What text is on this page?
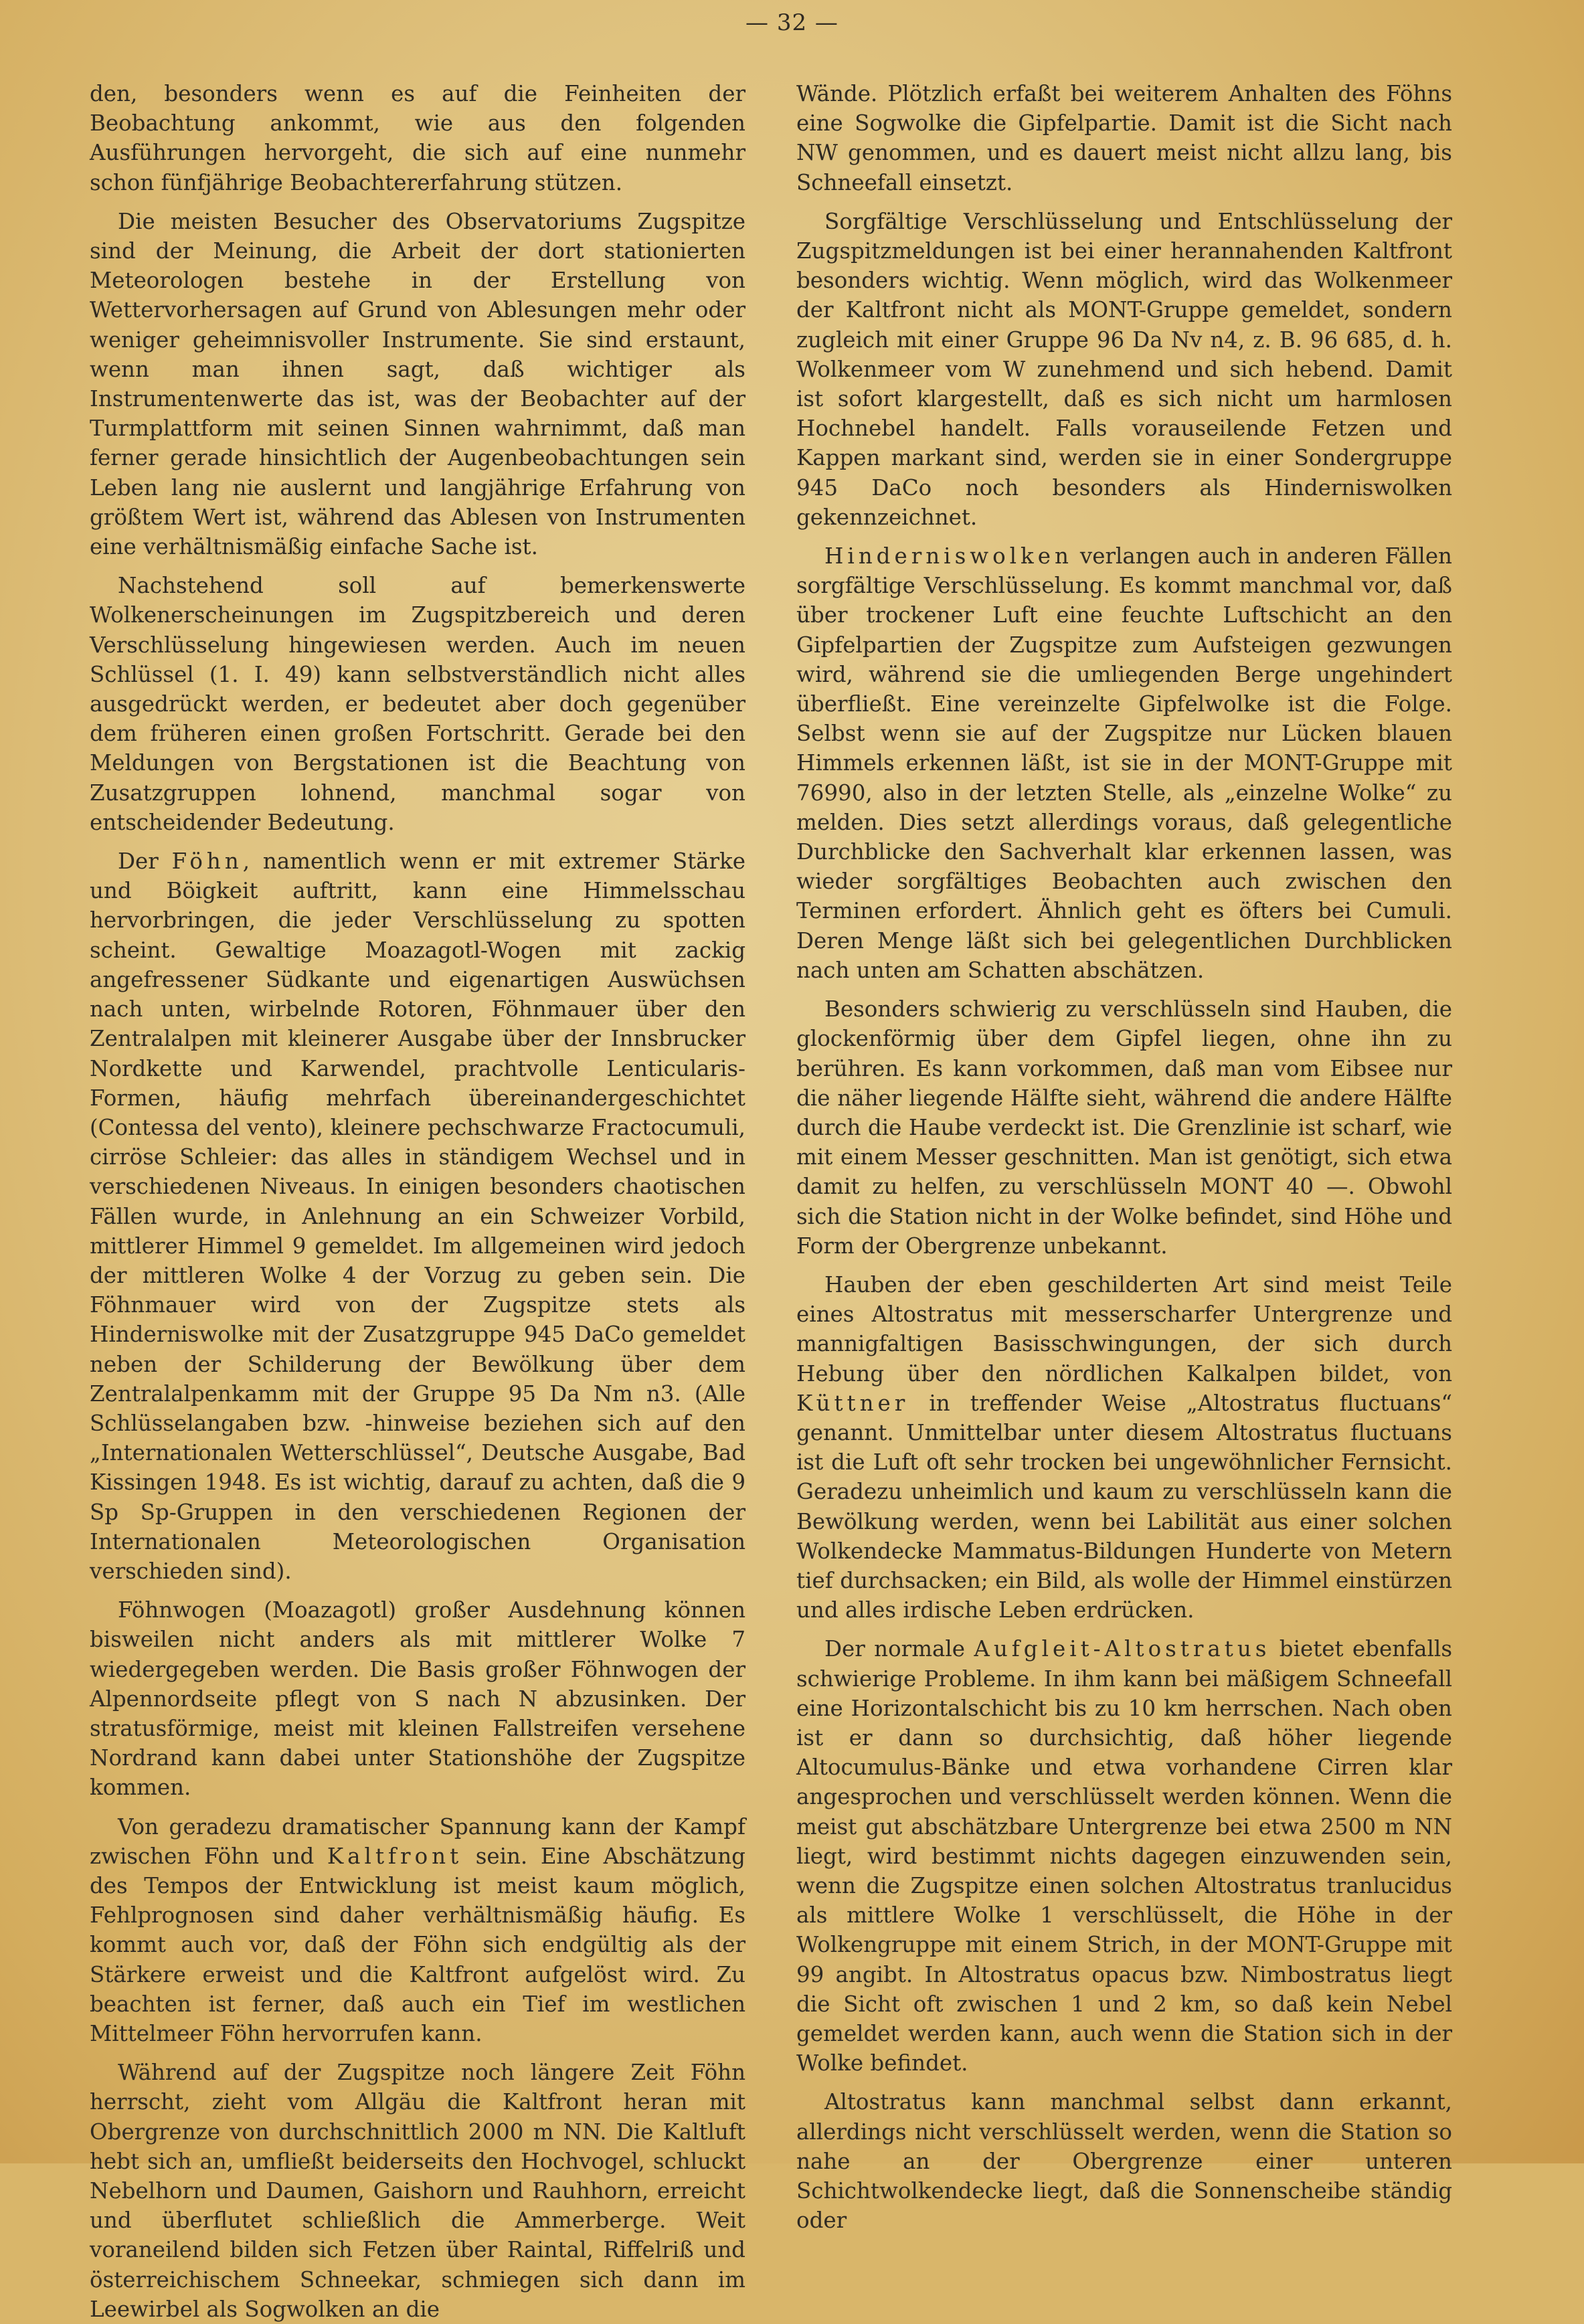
— 32 —

den, besonders wenn es auf die Feinheiten der Beobachtung ankommt, wie aus den folgenden Ausführungen hervorgeht, die sich auf eine nunmehr schon fünfjährige Beobachtererfahrung stützen.

Die meisten Besucher des Observatoriums Zugspitze sind der Meinung, die Arbeit der dort stationierten Meteorologen bestehe in der Erstellung von Wettervorhersagen auf Grund von Ablesungen mehr oder weniger geheimnisvoller Instrumente. Sie sind erstaunt, wenn man ihnen sagt, daß wichtiger als Instrumentenwerte das ist, was der Beobachter auf der Turmplattform mit seinen Sinnen wahrnimmt, daß man ferner gerade hinsichtlich der Augenbeobachtungen sein Leben lang nie auslernt und langjährige Erfahrung von größtem Wert ist, während das Ablesen von Instrumenten eine verhältnismäßig einfache Sache ist.

Nachstehend soll auf bemerkenswerte Wolkenerscheinungen im Zugspitzbereich und deren Verschlüsselung hingewiesen werden. Auch im neuen Schlüssel (1. I. 49) kann selbstverständlich nicht alles ausgedrückt werden, er bedeutet aber doch gegenüber dem früheren einen großen Fortschritt. Gerade bei den Meldungen von Bergstationen ist die Beachtung von Zusatzgruppen lohnend, manchmal sogar von entscheidender Bedeutung.

Der Föhn, namentlich wenn er mit extremer Stärke und Böigkeit auftritt, kann eine Himmelsschau hervorbringen, die jeder Verschlüsselung zu spotten scheint. Gewaltige Moazagotl-Wogen mit zackig angefressener Südkante und eigenartigen Auswüchsen nach unten, wirbelnde Rotoren, Föhnmauer über den Zentralalpen mit kleinerer Ausgabe über der Innsbrucker Nordkette und Karwendel, prachtvolle Lenticularis-Formen, häufig mehrfach übereinandergeschichtet (Contessa del vento), kleinere pechschwarze Fractocumuli, cirröse Schleier: das alles in ständigem Wechsel und in verschiedenen Niveaus. In einigen besonders chaotischen Fällen wurde, in Anlehnung an ein Schweizer Vorbild, mittlerer Himmel 9 gemeldet. Im allgemeinen wird jedoch der mittleren Wolke 4 der Vorzug zu geben sein. Die Föhnmauer wird von der Zugspitze stets als Hinderniswolke mit der Zusatzgruppe 945 DaCo gemeldet neben der Schilderung der Bewölkung über dem Zentralalpenkamm mit der Gruppe 95 Da Nm n3. (Alle Schlüsselangaben bzw. -hinweise beziehen sich auf den „Internationalen Wetterschlüssel“, Deutsche Ausgabe, Bad Kissingen 1948. Es ist wichtig, darauf zu achten, daß die 9 Sp Sp-Gruppen in den verschiedenen Regionen der Internationalen Meteorologischen Organisation verschieden sind).

Föhnwogen (Moazagotl) großer Ausdehnung können bisweilen nicht anders als mit mittlerer Wolke 7 wiedergegeben werden. Die Basis großer Föhnwogen der Alpennordseite pflegt von S nach N abzusinken. Der stratusförmige, meist mit kleinen Fallstreifen versehene Nordrand kann dabei unter Stationshöhe der Zugspitze kommen.

Von geradezu dramatischer Spannung kann der Kampf zwischen Föhn und Kaltfront sein. Eine Abschätzung des Tempos der Entwicklung ist meist kaum möglich, Fehlprognosen sind daher verhältnismäßig häufig. Es kommt auch vor, daß der Föhn sich endgültig als der Stärkere erweist und die Kaltfront aufgelöst wird. Zu beachten ist ferner, daß auch ein Tief im westlichen Mittelmeer Föhn hervorrufen kann.

Während auf der Zugspitze noch längere Zeit Föhn herrscht, zieht vom Allgäu die Kaltfront heran mit Obergrenze von durchschnittlich 2000 m NN. Die Kaltluft hebt sich an, umfließt beiderseits den Hochvogel, schluckt Nebelhorn und Daumen, Gaishorn und Rauhhorn, erreicht und überflutet schließlich die Ammerberge. Weit voraneilend bilden sich Fetzen über Raintal, Riffelriß und österreichischem Schneekar, schmiegen sich dann im Leewirbel als Sogwolken an die

Wände. Plötzlich erfaßt bei weiterem Anhalten des Föhns eine Sogwolke die Gipfelpartie. Damit ist die Sicht nach NW genommen, und es dauert meist nicht allzu lang, bis Schneefall einsetzt.

Sorgfältige Verschlüsselung und Entschlüsselung der Zugspitzmeldungen ist bei einer herannahenden Kaltfront besonders wichtig. Wenn möglich, wird das Wolkenmeer der Kaltfront nicht als MONT-Gruppe gemeldet, sondern zugleich mit einer Gruppe 96 Da Nv n4, z. B. 96 685, d. h. Wolkenmeer vom W zunehmend und sich hebend. Damit ist sofort klargestellt, daß es sich nicht um harmlosen Hochnebel handelt. Falls vorauseilende Fetzen und Kappen markant sind, werden sie in einer Sondergruppe 945 DaCo noch besonders als Hinderniswolken gekennzeichnet.

Hinderniswolken verlangen auch in anderen Fällen sorgfältige Verschlüsselung. Es kommt manchmal vor, daß über trockener Luft eine feuchte Luftschicht an den Gipfelpartien der Zugspitze zum Aufsteigen gezwungen wird, während sie die umliegenden Berge ungehindert überfließt. Eine vereinzelte Gipfelwolke ist die Folge. Selbst wenn sie auf der Zugspitze nur Lücken blauen Himmels erkennen läßt, ist sie in der MONT-Gruppe mit 76990, also in der letzten Stelle, als „einzelne Wolke“ zu melden. Dies setzt allerdings voraus, daß gelegentliche Durchblicke den Sachverhalt klar erkennen lassen, was wieder sorgfältiges Beobachten auch zwischen den Terminen erfordert. Ähnlich geht es öfters bei Cumuli. Deren Menge läßt sich bei gelegentlichen Durchblicken nach unten am Schatten abschätzen.

Besonders schwierig zu verschlüsseln sind Hauben, die glockenförmig über dem Gipfel liegen, ohne ihn zu berühren. Es kann vorkommen, daß man vom Eibsee nur die näher liegende Hälfte sieht, während die andere Hälfte durch die Haube verdeckt ist. Die Grenzlinie ist scharf, wie mit einem Messer geschnitten. Man ist genötigt, sich etwa damit zu helfen, zu verschlüsseln MONT 40 —. Obwohl sich die Station nicht in der Wolke befindet, sind Höhe und Form der Obergrenze unbekannt.

Hauben der eben geschilderten Art sind meist Teile eines Altostratus mit messerscharfer Untergrenze und mannigfaltigen Basisschwingungen, der sich durch Hebung über den nördlichen Kalkalpen bildet, von Küttner in treffender Weise „Altostratus fluctuans“ genannt. Unmittelbar unter diesem Altostratus fluctuans ist die Luft oft sehr trocken bei ungewöhnlicher Fernsicht. Geradezu unheimlich und kaum zu verschlüsseln kann die Bewölkung werden, wenn bei Labilität aus einer solchen Wolkendecke Mammatus-Bildungen Hunderte von Metern tief durchsacken; ein Bild, als wolle der Himmel einstürzen und alles irdische Leben erdrücken.

Der normale Aufgleit-Altostratus bietet ebenfalls schwierige Probleme. In ihm kann bei mäßigem Schneefall eine Horizontalschicht bis zu 10 km herrschen. Nach oben ist er dann so durchsichtig, daß höher liegende Altocumulus-Bänke und etwa vorhandene Cirren klar angesprochen und verschlüsselt werden können. Wenn die meist gut abschätzbare Untergrenze bei etwa 2500 m NN liegt, wird bestimmt nichts dagegen einzuwenden sein, wenn die Zugspitze einen solchen Altostratus tranlucidus als mittlere Wolke 1 verschlüsselt, die Höhe in der Wolkengruppe mit einem Strich, in der MONT-Gruppe mit 99 angibt. In Altostratus opacus bzw. Nimbostratus liegt die Sicht oft zwischen 1 und 2 km, so daß kein Nebel gemeldet werden kann, auch wenn die Station sich in der Wolke befindet.

Altostratus kann manchmal selbst dann erkannt, allerdings nicht verschlüsselt werden, wenn die Station so nahe an der Obergrenze einer unteren Schichtwolkendecke liegt, daß die Sonnenscheibe ständig oder
